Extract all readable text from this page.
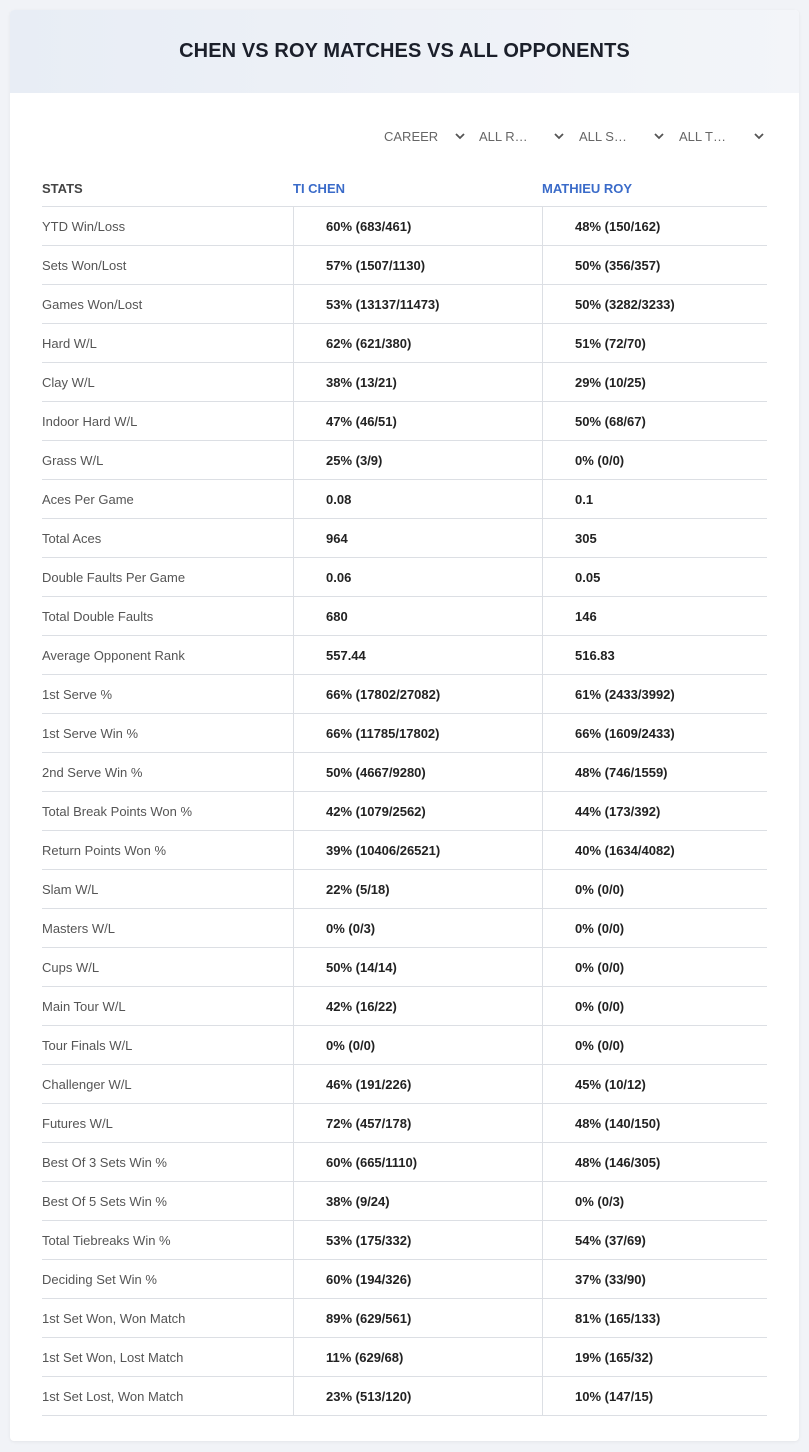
CHEN VS ROY MATCHES VS ALL OPPONENTS
CAREER	ALL R…	ALL S…	ALL T…
STATS	TI CHEN	MATHIEU ROY
YTD Win/Loss	60% (683/461)	48% (150/162)
Sets Won/Lost	57% (1507/1130)	50% (356/357)
Games Won/Lost	53% (13137/11473)	50% (3282/3233)
Hard W/L	62% (621/380)	51% (72/70)
Clay W/L	38% (13/21)	29% (10/25)
Indoor Hard W/L	47% (46/51)	50% (68/67)
Grass W/L	25% (3/9)	0% (0/0)
Aces Per Game	0.08	0.1
Total Aces	964	305
Double Faults Per Game	0.06	0.05
Total Double Faults	680	146
Average Opponent Rank	557.44	516.83
1st Serve %	66% (17802/27082)	61% (2433/3992)
1st Serve Win %	66% (11785/17802)	66% (1609/2433)
2nd Serve Win %	50% (4667/9280)	48% (746/1559)
Total Break Points Won %	42% (1079/2562)	44% (173/392)
Return Points Won %	39% (10406/26521)	40% (1634/4082)
Slam W/L	22% (5/18)	0% (0/0)
Masters W/L	0% (0/3)	0% (0/0)
Cups W/L	50% (14/14)	0% (0/0)
Main Tour W/L	42% (16/22)	0% (0/0)
Tour Finals W/L	0% (0/0)	0% (0/0)
Challenger W/L	46% (191/226)	45% (10/12)
Futures W/L	72% (457/178)	48% (140/150)
Best Of 3 Sets Win %	60% (665/1110)	48% (146/305)
Best Of 5 Sets Win %	38% (9/24)	0% (0/3)
Total Tiebreaks Win %	53% (175/332)	54% (37/69)
Deciding Set Win %	60% (194/326)	37% (33/90)
1st Set Won, Won Match	89% (629/561)	81% (165/133)
1st Set Won, Lost Match	11% (629/68)	19% (165/32)
1st Set Lost, Won Match	23% (513/120)	10% (147/15)
